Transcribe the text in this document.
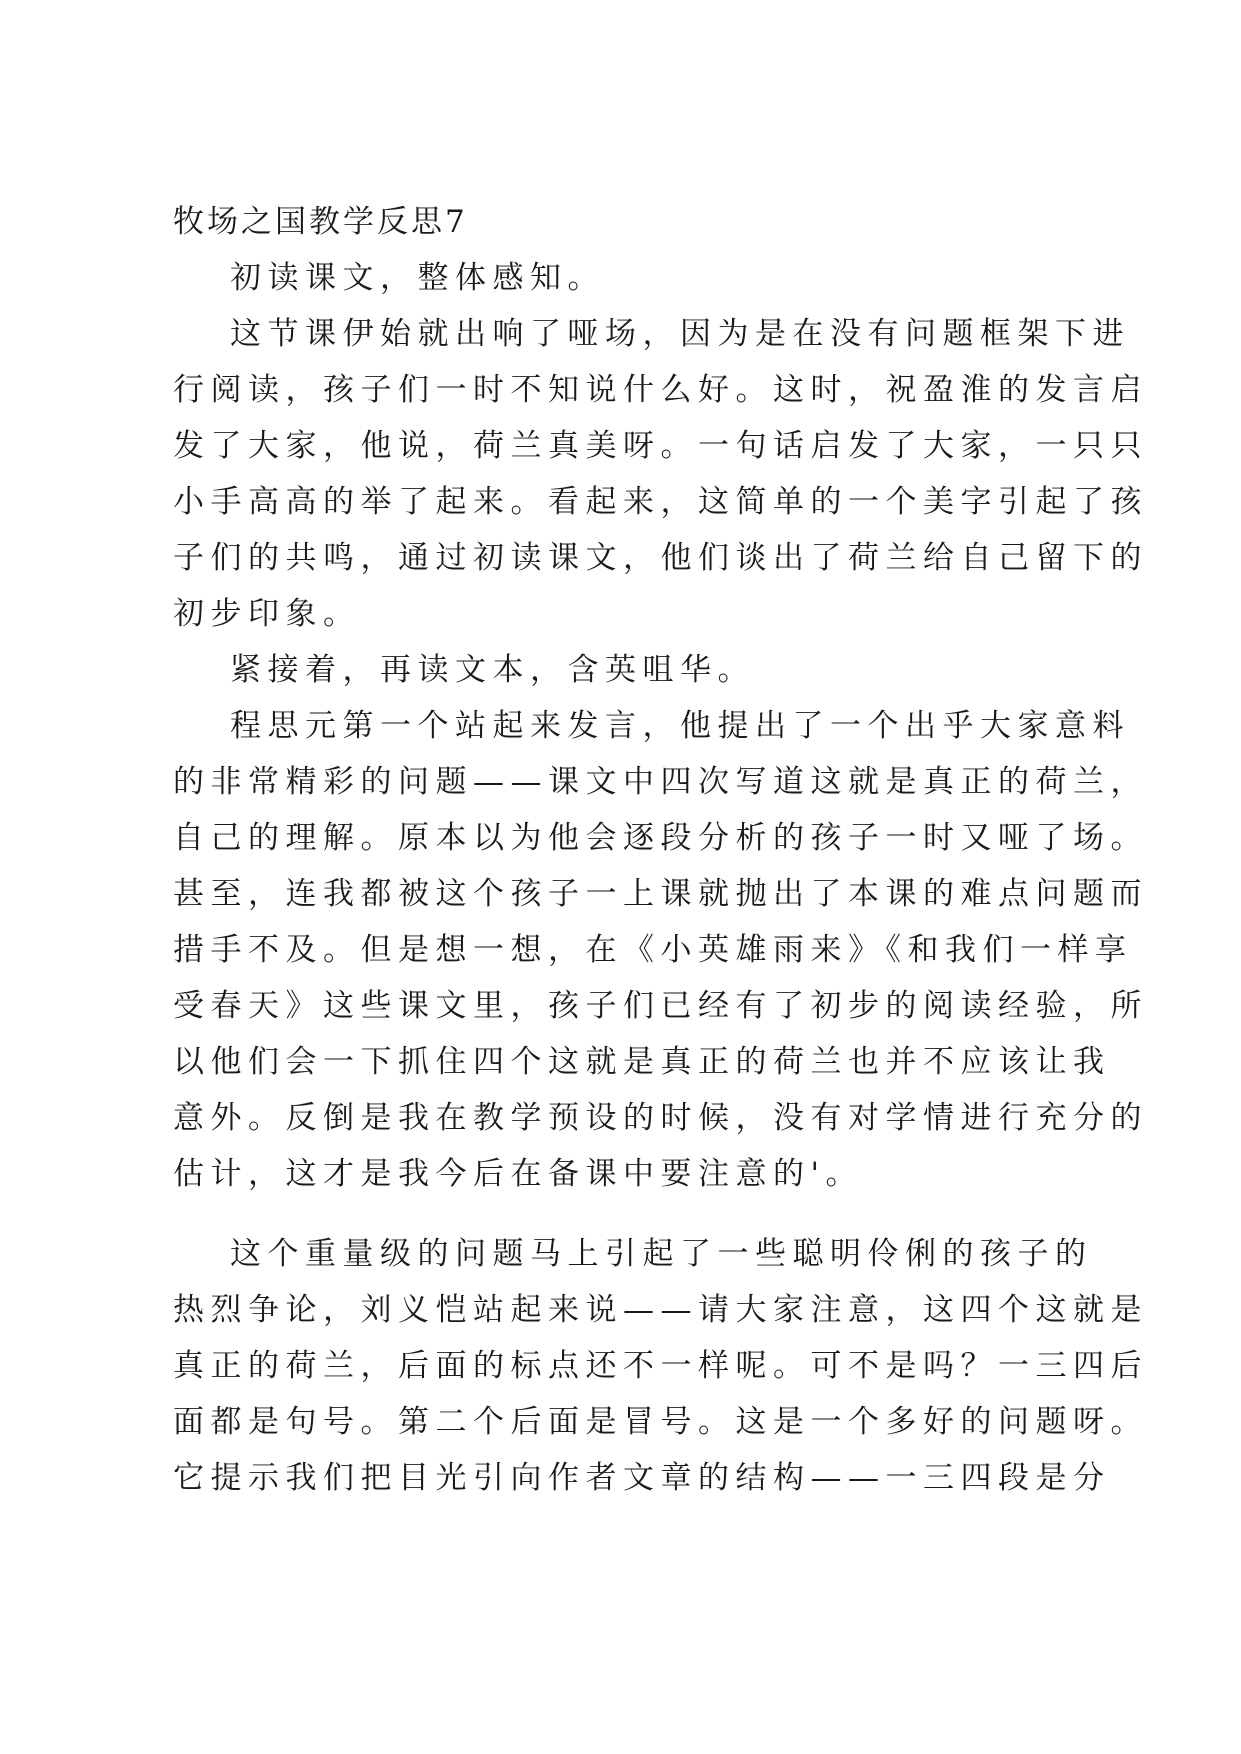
牧场之国教学反思7

初读课文，整体感知。

这节课伊始就出响了哑场，因为是在没有问题框架下进

行阅读，孩子们一时不知说什么好。这时，祝盈淮的发言启

发了大家，他说，荷兰真美呀。一句话启发了大家，一只只

小手高高的举了起来。看起来，这简单的一个美字引起了孩

子们的共鸣，通过初读课文，他们谈出了荷兰给自己留下的

初步印象。

紧接着，再读文本，含英咀华。

程思元第一个站起来发言，他提出了一个出乎大家意料

的非常精彩的问题——课文中四次写道这就是真正的荷兰，

自己的理解。原本以为他会逐段分析的孩子一时又哑了场。

甚至，连我都被这个孩子一上课就抛出了本课的难点问题而

措手不及。但是想一想，在《小英雄雨来》《和我们一样享

受春天》这些课文里，孩子们已经有了初步的阅读经验，所

以他们会一下抓住四个这就是真正的荷兰也并不应该让我

意外。反倒是我在教学预设的时候，没有对学情进行充分的

估计，这才是我今后在备课中要注意的'。

这个重量级的问题马上引起了一些聪明伶俐的孩子的

热烈争论，刘义恺站起来说——请大家注意，这四个这就是

真正的荷兰，后面的标点还不一样呢。可不是吗？一三四后

面都是句号。第二个后面是冒号。这是一个多好的问题呀。

它提示我们把目光引向作者文章的结构——一三四段是分
